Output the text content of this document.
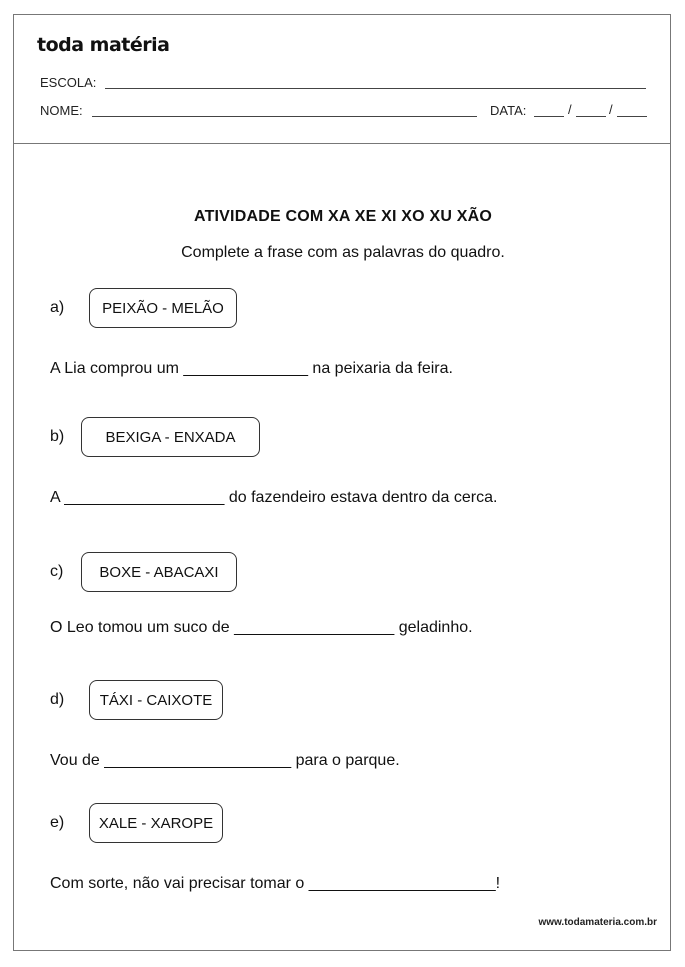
toda matéria
ESCOLA:
NOME:	DATA:	/	/
ATIVIDADE COM XA XE XI XO XU XÃO
Complete a frase com as palavras do quadro.
a)	PEIXÃO - MELÃO
A Lia comprou um ______________ na peixaria da feira.
b)	BEXIGA - ENXADA
A __________________ do fazendeiro estava dentro da cerca.
c)	BOXE - ABACAXI
O Leo tomou um suco de __________________ geladinho.
d)	TÁXI - CAIXOTE
Vou de _____________________ para o parque.
e)	XALE - XAROPE
Com sorte, não vai precisar tomar o _____________________!
www.todamateria.com.br
